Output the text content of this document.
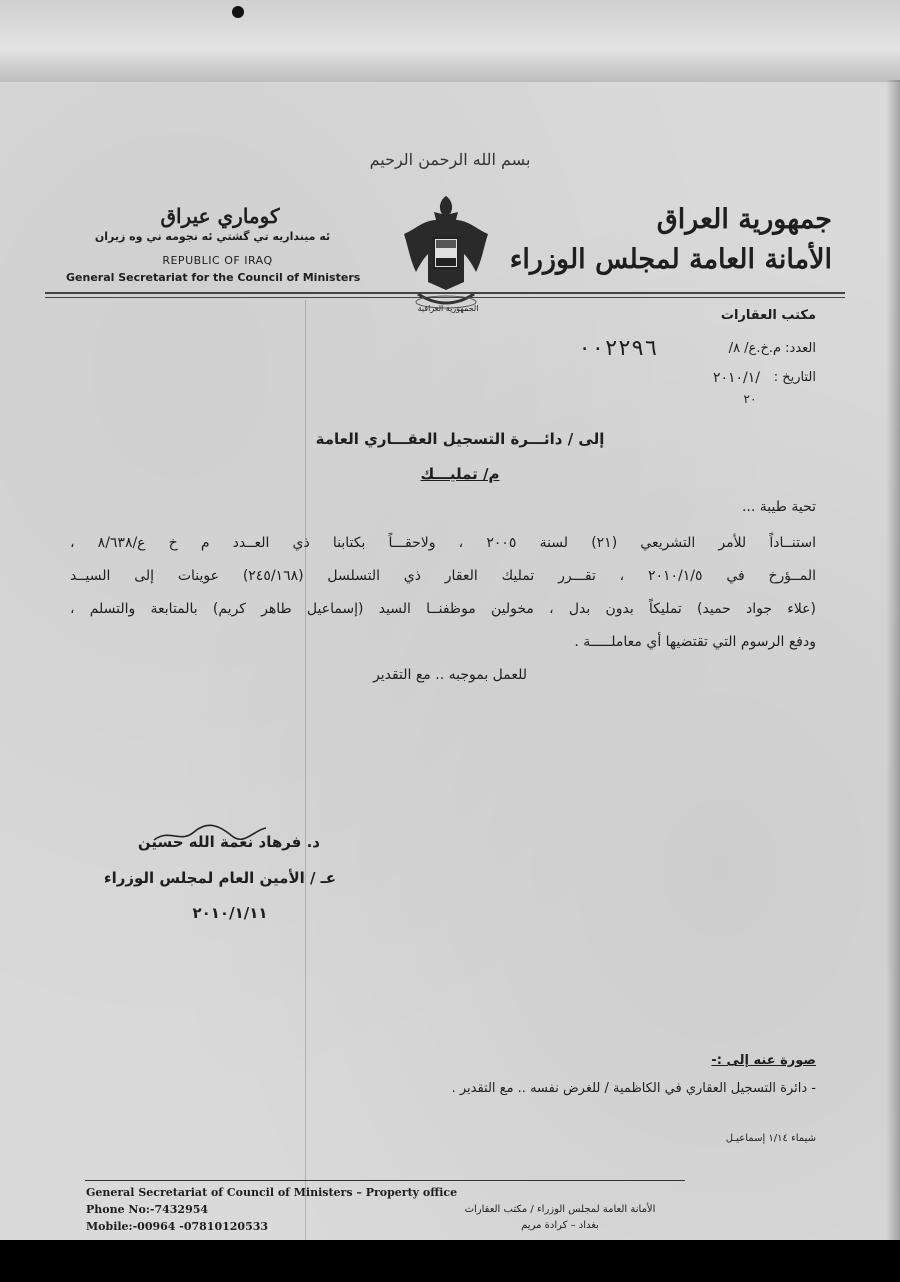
بسم الله الرحمن الرحيم
كوماري عيراق
ئه مينداريه تي گشتي ئه نجومه ني وه زيران
REPUBLIC OF IRAQ
General Secretariat for the Council of Ministers
جمهورية العراق
الأمانة العامة لمجلس الوزراء
الجمهورية العراقية	مكتب العقارات
العدد: م.خ.ع/ ٨/
٠٠٢٢٩٦
التاريخ :
٢٠١٠/١/
٢٠
إلى / دائـــرة التسجيل العقـــاري العامة
م/ تمليـــك
تحية طيبة ...
استنــاداً للأمر التشريعي (٢١) لسنة ٢٠٠٥ ، ولاحقـــاً بكتابنا ذي العــدد م خ ع/٨/٦٣٨ ،
المــؤرخ في ٢٠١٠/١/٥ ، تقـــرر تمليك العقار ذي التسلسل (٢٤٥/١٦٨) عوينات إلى السيــد
(علاء جواد حميد) تمليكاً بدون بدل ، مخولين موظفنــا السيد (إسماعيل طاهر كريم) بالمتابعة والتسلم ،
ودفع الرسوم التي تقتضيها أي معاملـــــة .
للعمل بموجبه .. مع التقدير
د. فرهاد نعمة الله حسين
عـ / الأمين العام لمجلس الوزراء
٢٠١٠/١/١١
صورة عنه إلى :-
- دائرة التسجيل العقاري في الكاظمية / للغرض نفسه .. مع التقدير .
شيماء ١/١٤ إسماعيـل
General Secretariat of Council of Ministers – Property office
Phone No:-7432954
Mobile:-00964 -07810120533
الأمانة العامة لمجلس الوزراء / مكتب العقارات
بغداد – كرادة مريم
